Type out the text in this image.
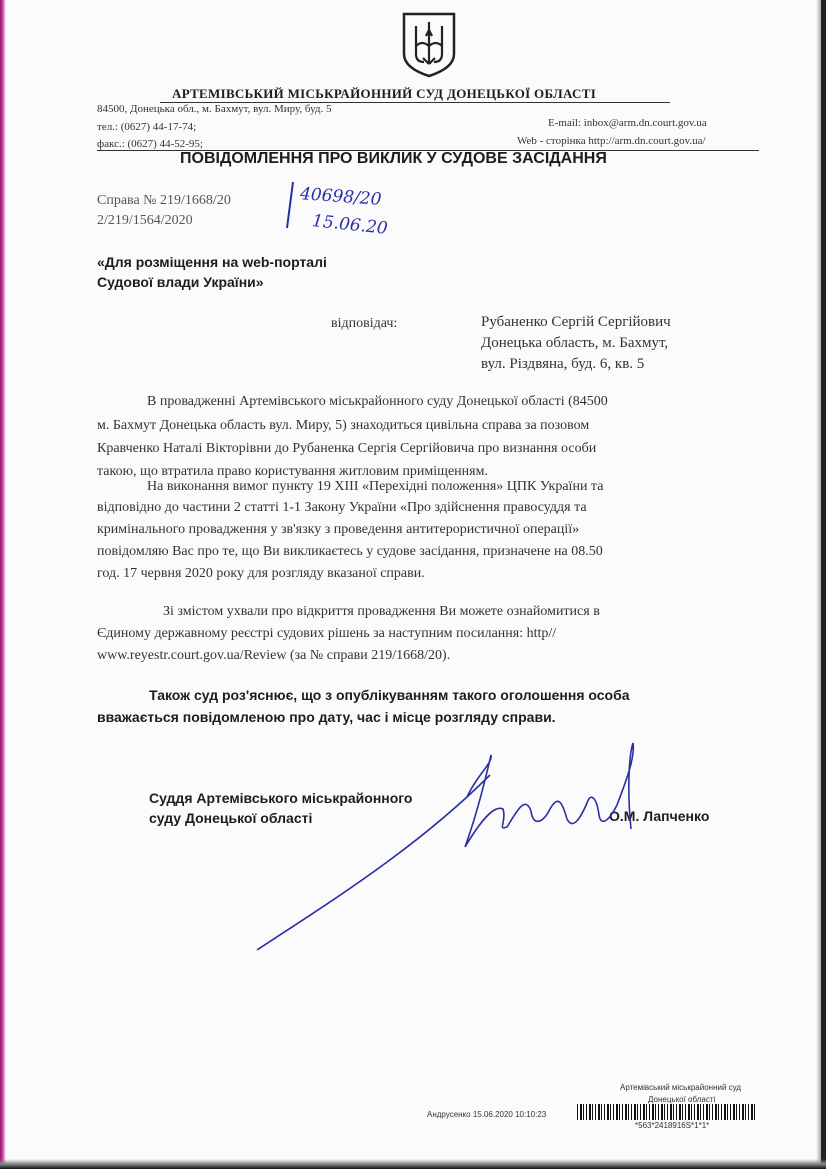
АРТЕМІВСЬКИЙ МІСЬКРАЙОННИЙ СУД ДОНЕЦЬКОЇ ОБЛАСТІ
84500, Донецька обл., м. Бахмут, вул. Миру, буд. 5
тел.: (0627) 44-17-74;
факс.: (0627) 44-52-95;
E-mail: inbox@arm.dn.court.gov.ua
Web - сторінка http://arm.dn.court.gov.ua/
ПОВІДОМЛЕННЯ ПРО ВИКЛИК У СУДОВЕ ЗАСІДАННЯ
Справа № 219/1668/20
2/219/1564/2020
40698/20
15.06.20
«Для розміщення на web-порталі
Судової влади України»
відповідач:	Рубаненко Сергій Сергійович
Донецька область, м. Бахмут,
вул. Різдвяна, буд. 6, кв. 5
В провадженні Артемівського міськрайонного суду Донецької області (84500
м. Бахмут Донецька область вул. Миру, 5) знаходиться цивільна справа за позовом
Кравченко Наталі Вікторівни до Рубаненка Сергія Сергійовича про визнання особи
такою, що втратила право користування житловим приміщенням.
На виконання вимог пункту 19 ХIII «Перехідні положення» ЦПК України та
відповідно до частини 2 статті 1-1 Закону України «Про здійснення правосуддя та
кримінального провадження у зв'язку з проведення антитерористичної операції»
повідомляю Вас про те, що Ви викликаєтесь у судове засідання, призначене на 08.50
год. 17 червня 2020 року для розгляду вказаної справи.
Зі змістом ухвали про відкриття провадження Ви можете ознайомитися в
Єдиному державному реєстрі судових рішень за наступним посилання: http//
www.reyestr.court.gov.ua/Review (за № справи 219/1668/20).
Також суд роз'яснює, що з опублікуванням такого оголошення особа
вважається повідомленою про дату, час і місце розгляду справи.
Суддя Артемівського міськрайонного
суду Донецької області	О.М. Лапченко
Артемівський міськрайонний суд
Донецької області
Андрусенко 15.06.2020 10:10:23
*563*2418916S*1*1*
